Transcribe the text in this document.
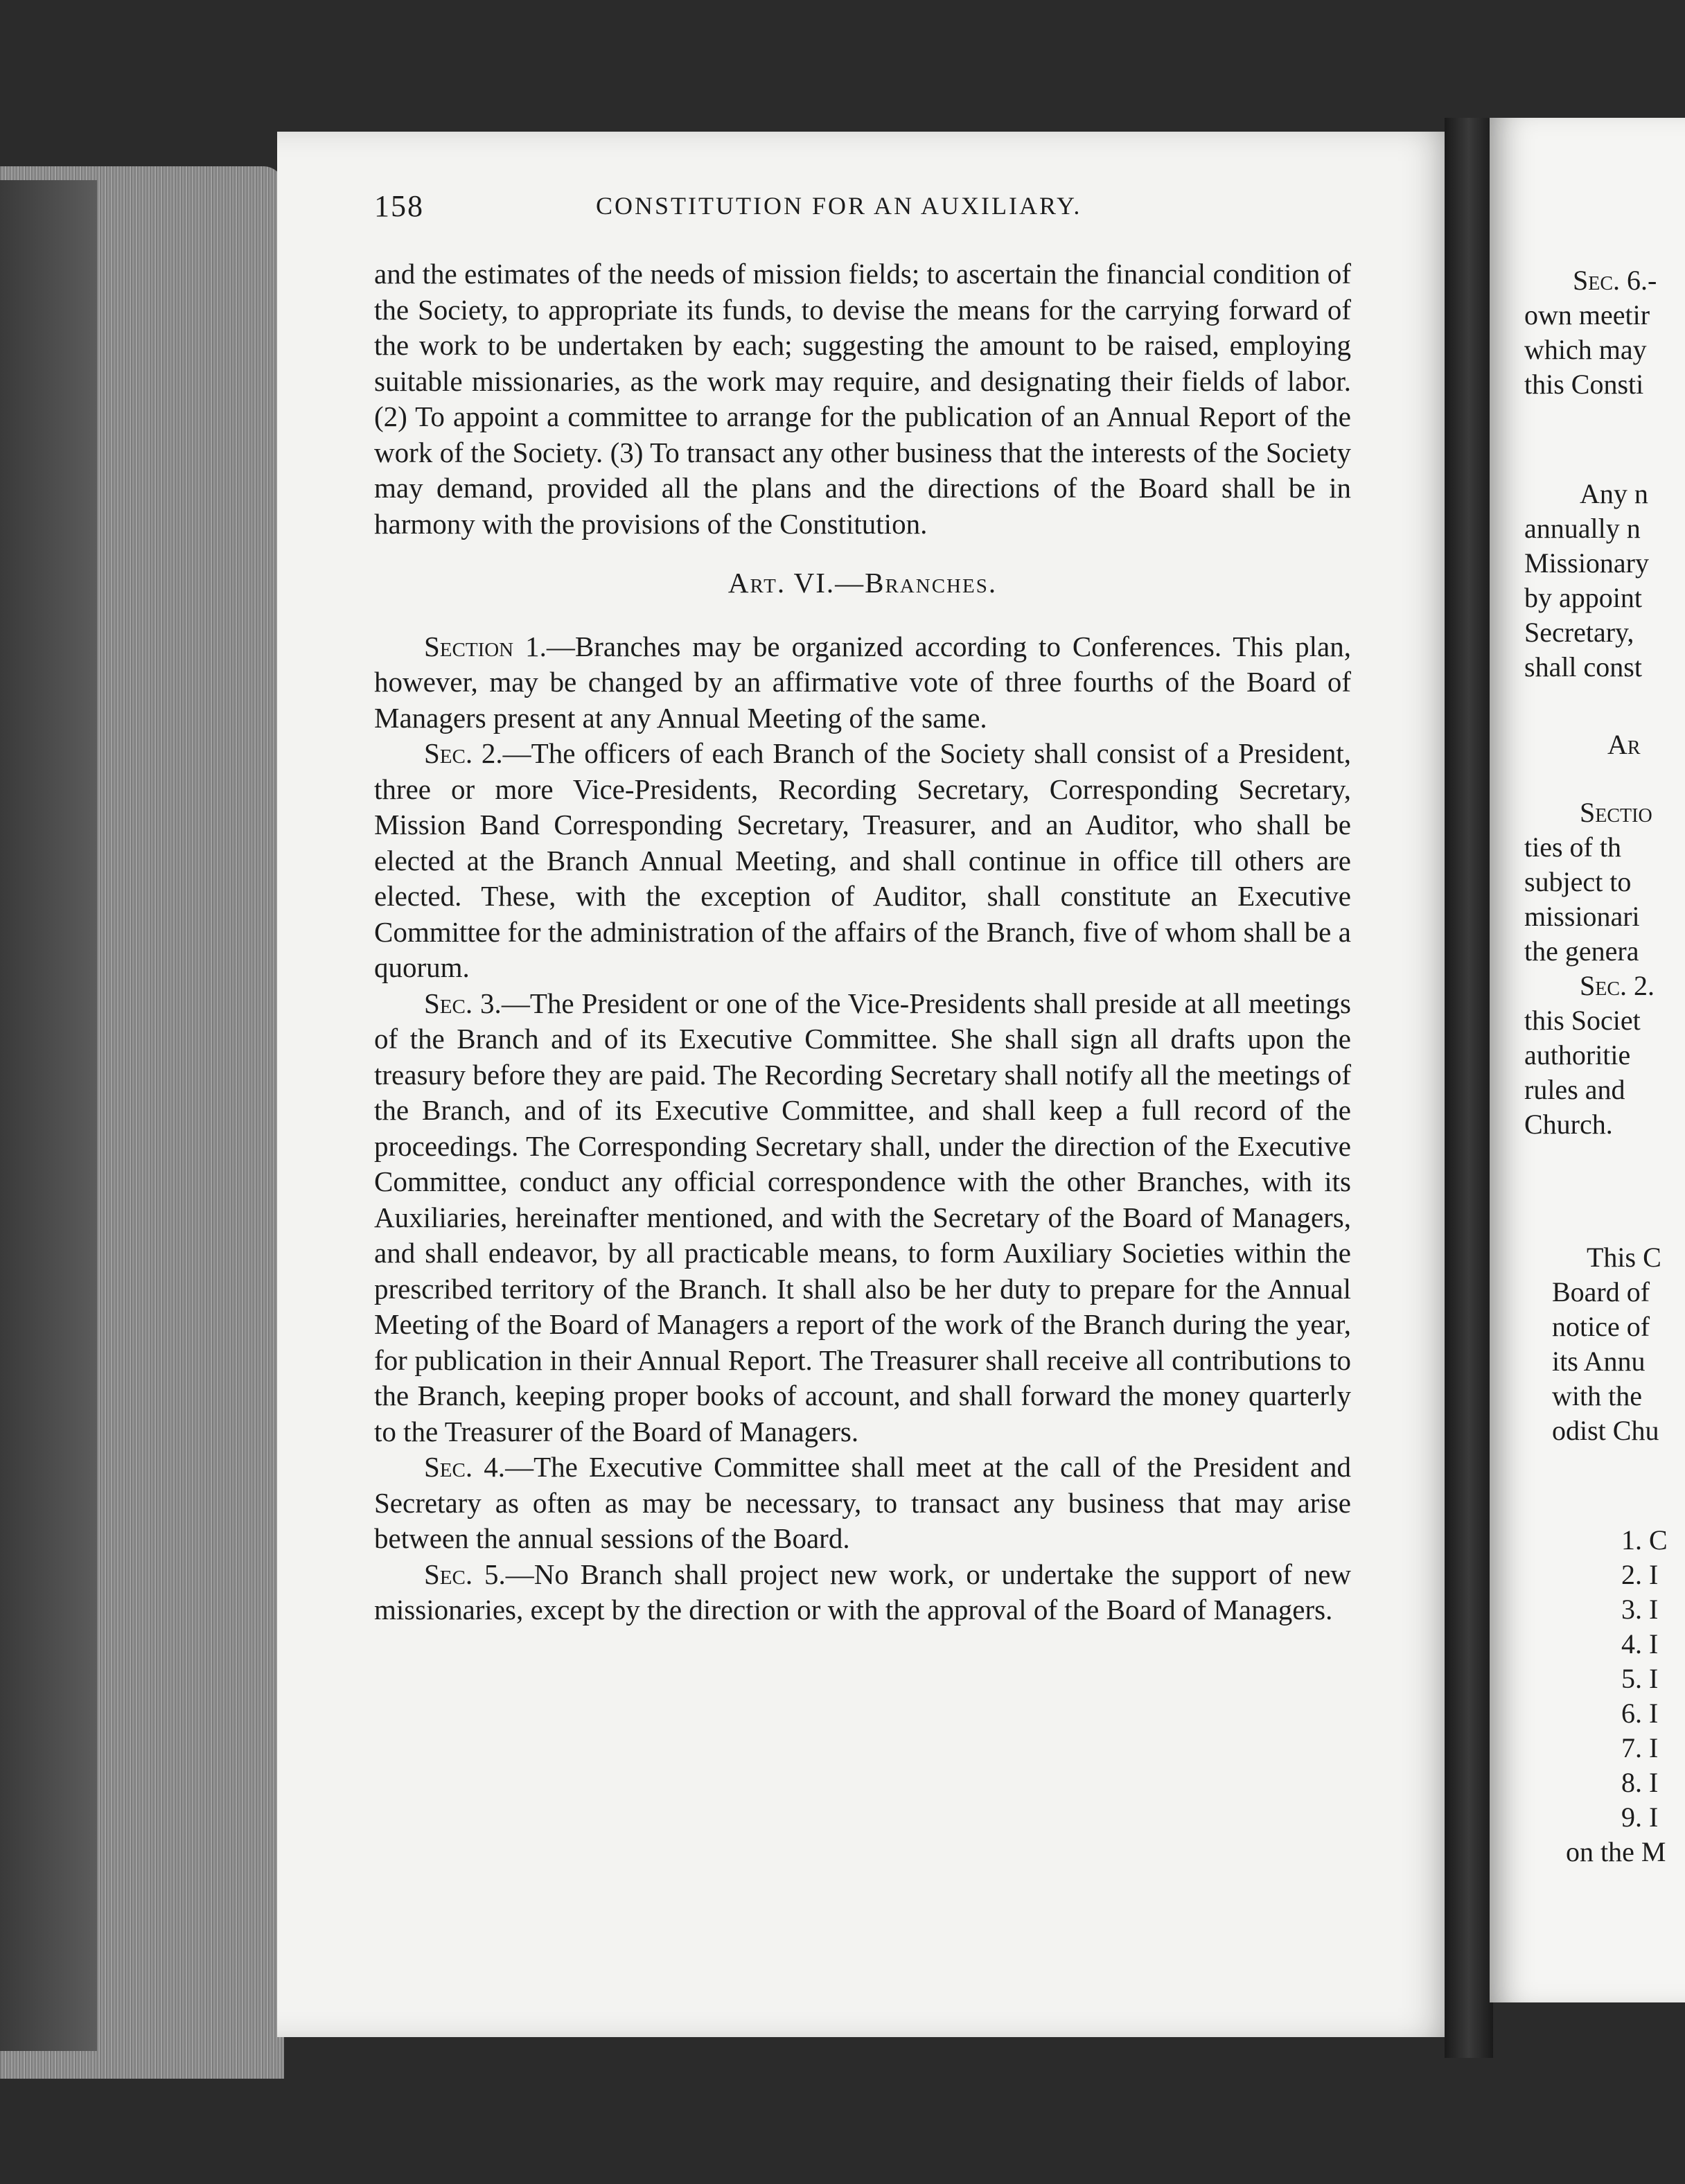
158	CONSTITUTION FOR AN AUXILIARY.

and the estimates of the needs of mission fields; to ascertain the financial condition of the Society, to appropriate its funds, to devise the means for the carrying forward of the work to be undertaken by each; suggesting the amount to be raised, employing suitable missionaries, as the work may require, and designating their fields of labor. (2) To appoint a committee to arrange for the publication of an Annual Report of the work of the Society. (3) To transact any other business that the interests of the Society may demand, provided all the plans and the directions of the Board shall be in harmony with the provisions of the Constitution.

Art. VI.—Branches.

Section 1.—Branches may be organized according to Conferences. This plan, however, may be changed by an affirmative vote of three fourths of the Board of Managers present at any Annual Meeting of the same.

Sec. 2.—The officers of each Branch of the Society shall consist of a President, three or more Vice-Presidents, Recording Secretary, Corresponding Secretary, Mission Band Corresponding Secretary, Treasurer, and an Auditor, who shall be elected at the Branch Annual Meeting, and shall continue in office till others are elected. These, with the exception of Auditor, shall constitute an Executive Committee for the administration of the affairs of the Branch, five of whom shall be a quorum.

Sec. 3.—The President or one of the Vice-Presidents shall preside at all meetings of the Branch and of its Executive Committee. She shall sign all drafts upon the treasury before they are paid. The Recording Secretary shall notify all the meetings of the Branch, and of its Executive Committee, and shall keep a full record of the proceedings. The Corresponding Secretary shall, under the direction of the Executive Committee, conduct any official correspondence with the other Branches, with its Auxiliaries, hereinafter mentioned, and with the Secretary of the Board of Managers, and shall endeavor, by all practicable means, to form Auxiliary Societies within the prescribed territory of the Branch. It shall also be her duty to prepare for the Annual Meeting of the Board of Managers a report of the work of the Branch during the year, for publication in their Annual Report. The Treasurer shall receive all contributions to the Branch, keeping proper books of account, and shall forward the money quarterly to the Treasurer of the Board of Managers.

Sec. 4.—The Executive Committee shall meet at the call of the President and Secretary as often as may be necessary, to transact any business that may arise between the annual sessions of the Board.

Sec. 5.—No Branch shall project new work, or undertake the support of new missionaries, except by the direction or with the approval of the Board of Managers.

Sec. 6.-
own meetir
which may
this Consti
Any n
annually n
Missionary
by appoint
Secretary,
shall const
Ar
Sectio
ties of th
subject to
missionari
the genera
Sec. 2.
this Societ
authoritie
rules and
Church.
This C
Board of
notice of
its Annu
with the
odist Chu
1. C
2. I
3. I
4. I
5. I
6. I
7. I
8. I
9. I
on the M
